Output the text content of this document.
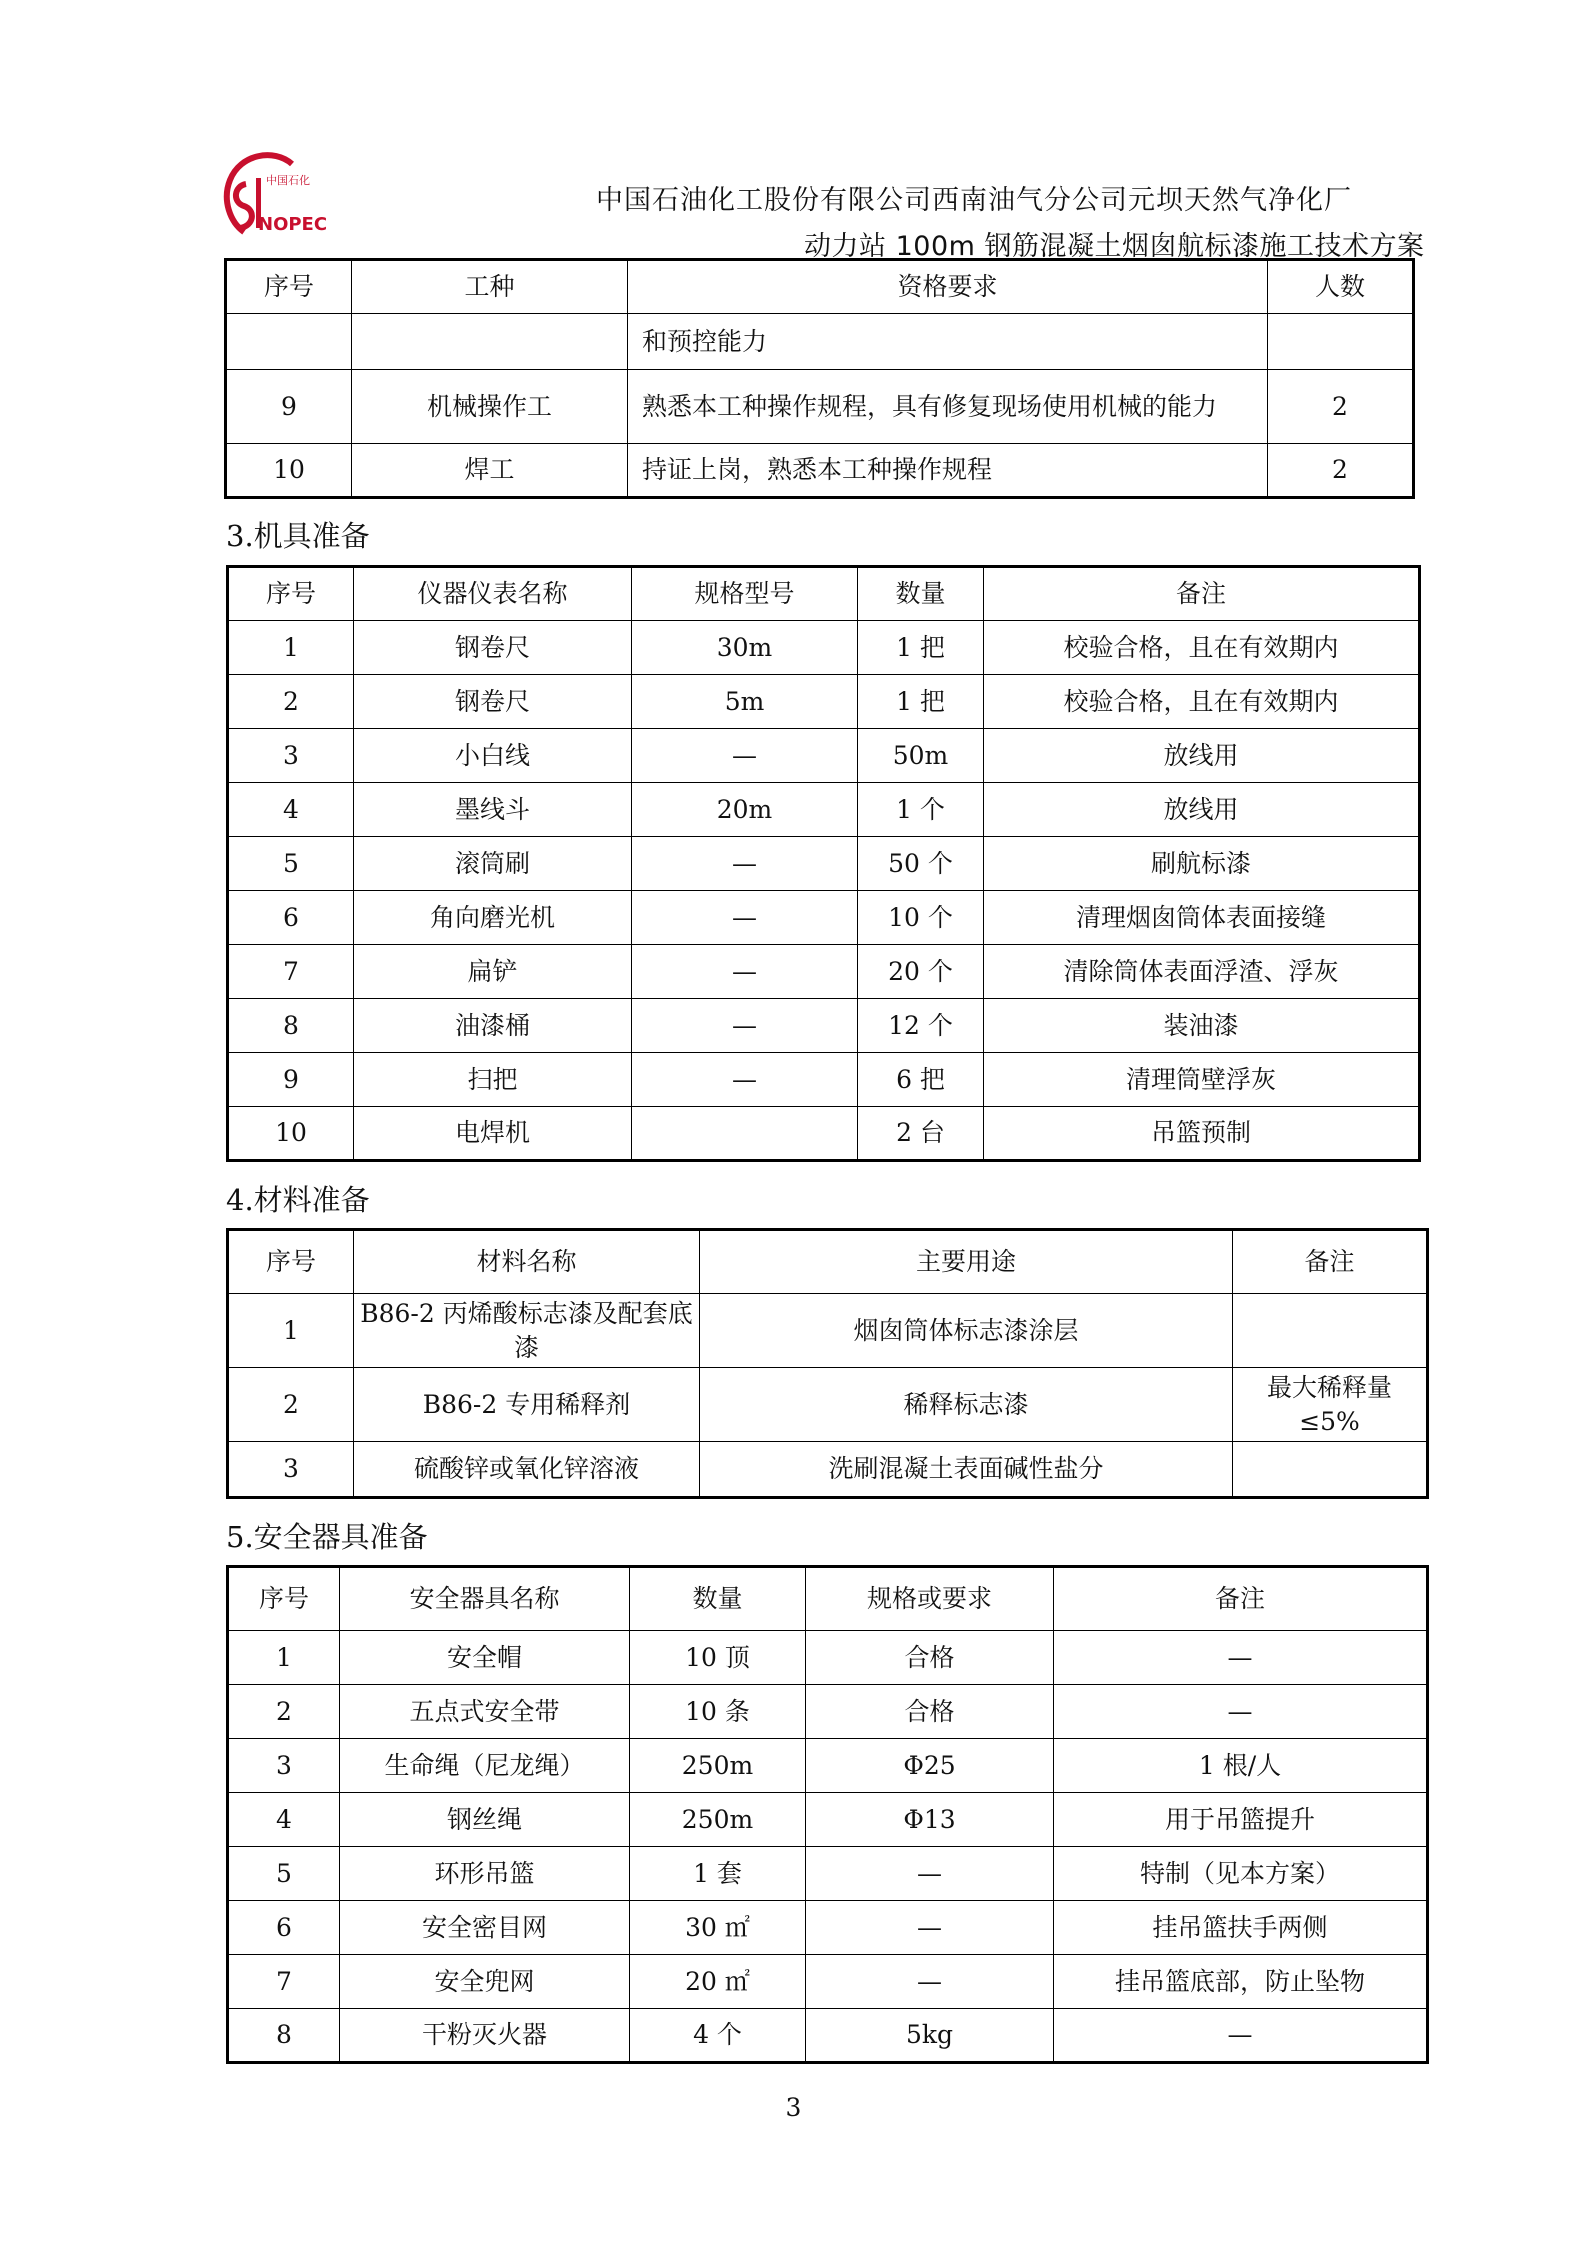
中国石化
NOPEC
中国石油化工股份有限公司西南油气分公司元坝天然气净化厂
动力站 100m 钢筋混凝土烟囱航标漆施工技术方案
序号	工种	资格要求	人数
		和预控能力	
9	机械操作工	熟悉本工种操作规程，具有修复现场使用机械的能力	2
10	焊工	持证上岗，熟悉本工种操作规程	2
3.机具准备
序号	仪器仪表名称	规格型号	数量	备注
1	钢卷尺	30m	1 把	校验合格，且在有效期内
2	钢卷尺	5m	1 把	校验合格，且在有效期内
3	小白线	—	50m	放线用
4	墨线斗	20m	1 个	放线用
5	滚筒刷	—	50 个	刷航标漆
6	角向磨光机	—	10 个	清理烟囱筒体表面接缝
7	扁铲	—	20 个	清除筒体表面浮渣、浮灰
8	油漆桶	—	12 个	装油漆
9	扫把	—	6 把	清理筒壁浮灰
10	电焊机		2 台	吊篮预制
4.材料准备
序号	材料名称	主要用途	备注
1	B86-2 丙烯酸标志漆及配套底漆	烟囱筒体标志漆涂层	
2	B86-2 专用稀释剂	稀释标志漆	最大稀释量≤5%
3	硫酸锌或氧化锌溶液	洗刷混凝土表面碱性盐分	
5.安全器具准备
序号	安全器具名称	数量	规格或要求	备注
1	安全帽	10 顶	合格	—
2	五点式安全带	10 条	合格	—
3	生命绳（尼龙绳）	250m	Φ25	1 根/人
4	钢丝绳	250m	Φ13	用于吊篮提升
5	环形吊篮	1 套	—	特制（见本方案）
6	安全密目网	30 ㎡	—	挂吊篮扶手两侧
7	安全兜网	20 ㎡	—	挂吊篮底部，防止坠物
8	干粉灭火器	4 个	5kg	—
3
